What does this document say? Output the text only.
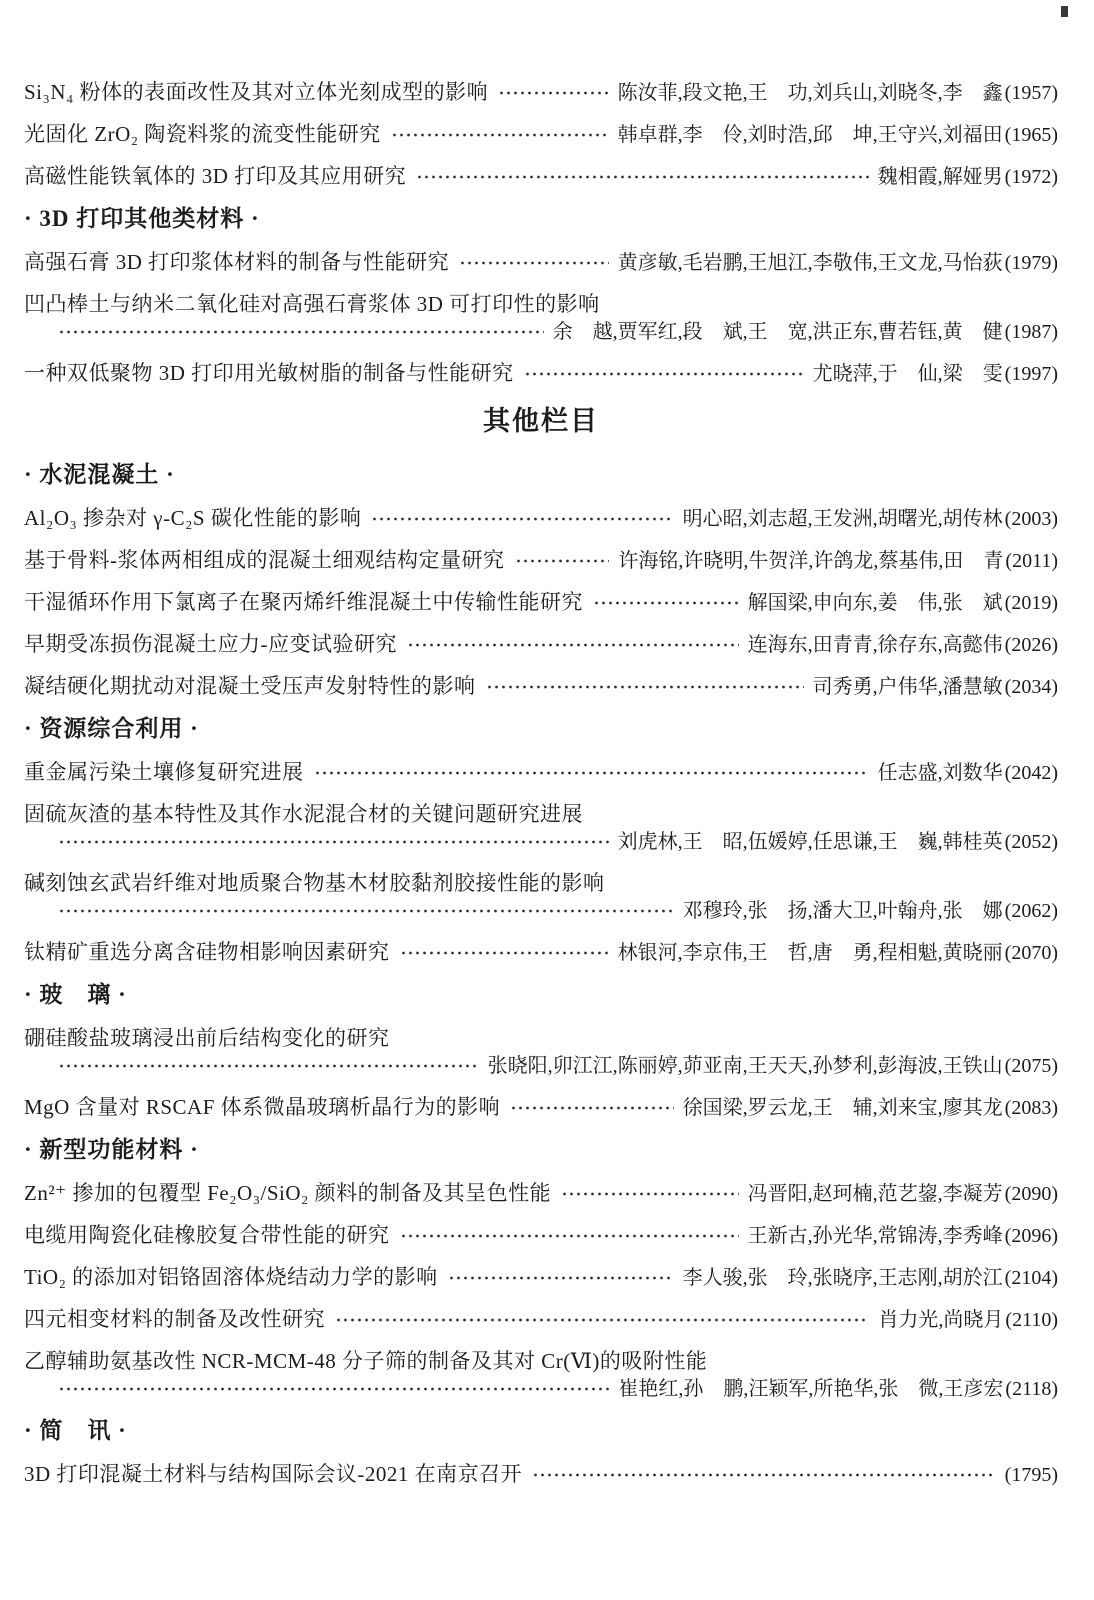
Si₃N₄ 粉体的表面改性及其对立体光刻成型的影响	陈汝菲,段文艳,王　功,刘兵山,刘晓冬,李　鑫 (1957)
光固化 ZrO₂ 陶瓷料浆的流变性能研究	韩卓群,李　伶,刘时浩,邱　坤,王守兴,刘福田 (1965)
高磁性能铁氧体的 3D 打印及其应用研究	魏相霞,解娅男 (1972)
· 3D 打印其他类材料 ·
高强石膏 3D 打印浆体材料的制备与性能研究	黄彦敏,毛岩鹏,王旭江,李敬伟,王文龙,马怡荻 (1979)
凹凸棒土与纳米二氧化硅对高强石膏浆体 3D 可打印性的影响
余　越,贾军红,段　斌,王　宽,洪正东,曹若钰,黄　健 (1987)
一种双低聚物 3D 打印用光敏树脂的制备与性能研究	尤晓萍,于　仙,梁　雯 (1997)
其他栏目
· 水泥混凝土 ·
Al₂O₃ 掺杂对 γ-C₂S 碳化性能的影响	明心昭,刘志超,王发洲,胡曙光,胡传林 (2003)
基于骨料-浆体两相组成的混凝土细观结构定量研究	许海铭,许晓明,牛贺洋,许鸽龙,蔡基伟,田　青 (2011)
干湿循环作用下氯离子在聚丙烯纤维混凝土中传输性能研究	解国梁,申向东,姜　伟,张　斌 (2019)
早期受冻损伤混凝土应力-应变试验研究	连海东,田青青,徐存东,高懿伟 (2026)
凝结硬化期扰动对混凝土受压声发射特性的影响	司秀勇,户伟华,潘慧敏 (2034)
· 资源综合利用 ·
重金属污染土壤修复研究进展	任志盛,刘数华 (2042)
固硫灰渣的基本特性及其作水泥混合材的关键问题研究进展
刘虎林,王　昭,伍媛婷,任思谦,王　巍,韩桂英 (2052)
碱刻蚀玄武岩纤维对地质聚合物基木材胶黏剂胶接性能的影响
邓穆玲,张　扬,潘大卫,叶翰舟,张　娜 (2062)
钛精矿重选分离含硅物相影响因素研究	林银河,李京伟,王　哲,唐　勇,程相魁,黄晓丽 (2070)
· 玻　璃 ·
硼硅酸盐玻璃浸出前后结构变化的研究
张晓阳,卯江江,陈丽婷,茆亚南,王天天,孙梦利,彭海波,王铁山 (2075)
MgO 含量对 RSCAF 体系微晶玻璃析晶行为的影响	徐国梁,罗云龙,王　辅,刘来宝,廖其龙 (2083)
· 新型功能材料 ·
Zn²⁺ 掺加的包覆型 Fe₂O₃/SiO₂ 颜料的制备及其呈色性能	冯晋阳,赵珂楠,范艺鋆,李凝芳 (2090)
电缆用陶瓷化硅橡胶复合带性能的研究	王新古,孙光华,常锦涛,李秀峰 (2096)
TiO₂ 的添加对铝铬固溶体烧结动力学的影响	李人骏,张　玲,张晓序,王志刚,胡於江 (2104)
四元相变材料的制备及改性研究	肖力光,尚晓月 (2110)
乙醇辅助氨基改性 NCR-MCM-48 分子筛的制备及其对 Cr(Ⅵ)的吸附性能
崔艳红,孙　鹏,汪颖军,所艳华,张　微,王彦宏 (2118)
· 简　讯 ·
3D 打印混凝土材料与结构国际会议-2021 在南京召开	(1795)
